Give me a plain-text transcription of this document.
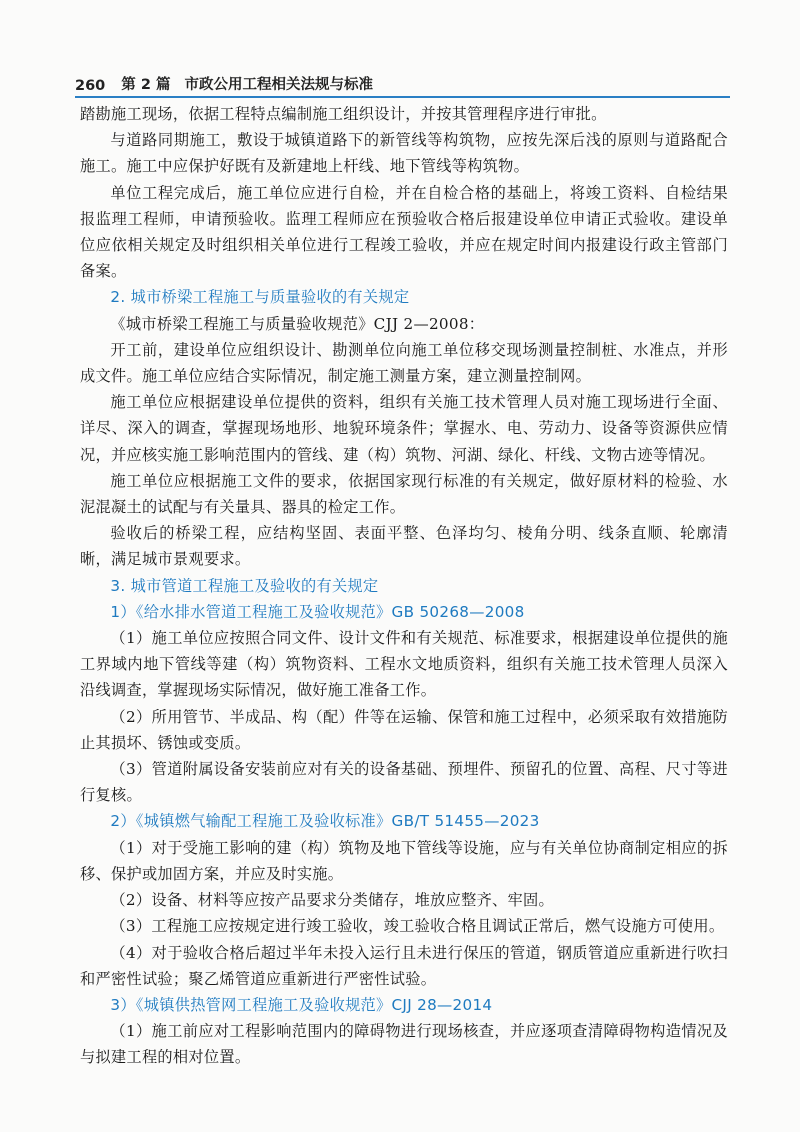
260 第 2 篇 市政公用工程相关法规与标准

踏勘施工现场，依据工程特点编制施工组织设计，并按其管理程序进行审批。

与道路同期施工，敷设于城镇道路下的新管线等构筑物，应按先深后浅的原则与道路配合施工。施工中应保护好既有及新建地上杆线、地下管线等构筑物。

单位工程完成后，施工单位应进行自检，并在自检合格的基础上，将竣工资料、自检结果报监理工程师，申请预验收。监理工程师应在预验收合格后报建设单位申请正式验收。建设单位应依相关规定及时组织相关单位进行工程竣工验收，并应在规定时间内报建设行政主管部门备案。

2. 城市桥梁工程施工与质量验收的有关规定

《城市桥梁工程施工与质量验收规范》CJJ 2—2008：

开工前，建设单位应组织设计、勘测单位向施工单位移交现场测量控制桩、水准点，并形成文件。施工单位应结合实际情况，制定施工测量方案，建立测量控制网。

施工单位应根据建设单位提供的资料，组织有关施工技术管理人员对施工现场进行全面、详尽、深入的调查，掌握现场地形、地貌环境条件；掌握水、电、劳动力、设备等资源供应情况，并应核实施工影响范围内的管线、建（构）筑物、河湖、绿化、杆线、文物古迹等情况。

施工单位应根据施工文件的要求，依据国家现行标准的有关规定，做好原材料的检验、水泥混凝土的试配与有关量具、器具的检定工作。

验收后的桥梁工程，应结构坚固、表面平整、色泽均匀、棱角分明、线条直顺、轮廓清晰，满足城市景观要求。

3. 城市管道工程施工及验收的有关规定

1）《给水排水管道工程施工及验收规范》GB 50268—2008

（1）施工单位应按照合同文件、设计文件和有关规范、标准要求，根据建设单位提供的施工界域内地下管线等建（构）筑物资料、工程水文地质资料，组织有关施工技术管理人员深入沿线调查，掌握现场实际情况，做好施工准备工作。

（2）所用管节、半成品、构（配）件等在运输、保管和施工过程中，必须采取有效措施防止其损坏、锈蚀或变质。

（3）管道附属设备安装前应对有关的设备基础、预埋件、预留孔的位置、高程、尺寸等进行复核。

2）《城镇燃气输配工程施工及验收标准》GB/T 51455—2023

（1）对于受施工影响的建（构）筑物及地下管线等设施，应与有关单位协商制定相应的拆移、保护或加固方案，并应及时实施。

（2）设备、材料等应按产品要求分类储存，堆放应整齐、牢固。

（3）工程施工应按规定进行竣工验收，竣工验收合格且调试正常后，燃气设施方可使用。

（4）对于验收合格后超过半年未投入运行且未进行保压的管道，钢质管道应重新进行吹扫和严密性试验；聚乙烯管道应重新进行严密性试验。

3）《城镇供热管网工程施工及验收规范》CJJ 28—2014

（1）施工前应对工程影响范围内的障碍物进行现场核查，并应逐项查清障碍物构造情况及与拟建工程的相对位置。
